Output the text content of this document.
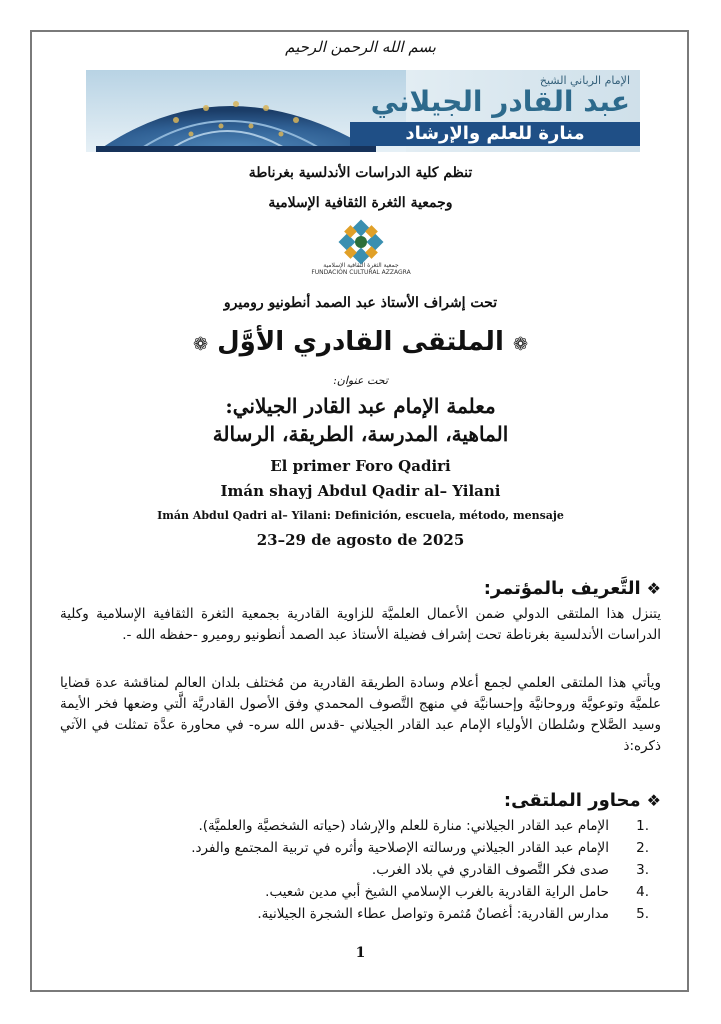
بسم الله الرحمن الرحيم
الإمام الرباني الشيخ
عبد القادر الجيلاني
منارة للعلم والإرشاد
تنظم كلية الدراسات الأندلسية بغرناطة
وجمعية الثغرة الثقافية الإسلامية
جمعية الثغرة الثقافية الإسلامية
FUNDACION CULTURAL AZZAGRA
تحت إشراف الأستاذ عبد الصمد أنطونيو روميرو
❁ الملتقى القادري الأوَّل ❁
تحت عنوان:
معلمة الإمام عبد القادر الجيلاني:
الماهية، المدرسة، الطريقة، الرسالة
El primer Foro Qadiri
Imán shayj Abdul Qadir al– Yilani
Imán Abdul Qadri al– Yilani: Definición, escuela, método, mensaje
23–29 de agosto de 2025
❖التَّعريف بالمؤتمر:
يتنزل هذا الملتقى الدولي ضمن الأعمال العلميَّة للزاوية القادرية بجمعية الثغرة الثقافية الإسلامية وكلية الدراسات الأندلسية بغرناطة تحت إشراف فضيلة الأستاذ عبد الصمد أنطونيو روميرو -حفظه الله -.
ويأتي هذا الملتقى العلمي لجمع أعلام وسادة الطريقة القادرية من مُختلف بلدان العالم لمناقشة عدة قضايا علميَّة وتوعويَّة وروحانيَّة وإحسانيَّة في منهج التَّصوف المحمدي وفق الأصول القادريَّة الَّتي وضعها فخر الأيمة وسيد الصَّلاح وسُلطان الأولياء الإمام عبد القادر الجيلاني -قدس الله سره- في محاورة عدَّة تمثلت في الآتي ذكره:ذ
❖محاور الملتقى:
1.
الإمام عبد القادر الجيلاني: منارة للعلم والإرشاد (حياته الشخصيَّة والعلميَّة).
2.
الإمام عبد القادر الجيلاني ورسالته الإصلاحية وأثره في تربية المجتمع والفرد.
3.
صدى فكر التَّصوف القادري في بلاد الغرب.
4.
حامل الراية القادرية بالغرب الإسلامي الشيخ أبي مدين شعيب.
5.
مدارس القادرية: أغصانٌ مُثمرة وتواصل عطاء الشجرة الجيلانية.
1
